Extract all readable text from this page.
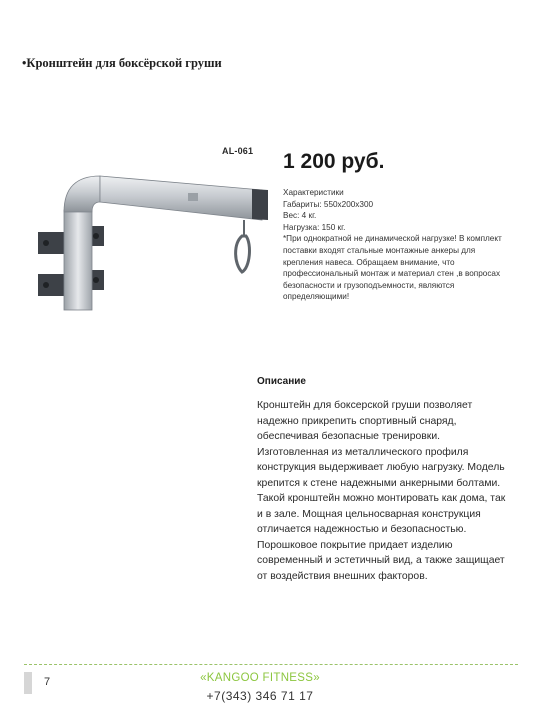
•Кронштейн для боксёрской груши
AL-061 1 200 руб.
Характеристики
Габариты: 550х200х300
Вес: 4 кг.
Нагрузка: 150 кг.
*При однократной не динамической нагрузке! В комплект поставки входят стальные монтажные анкеры для крепления навеса. Обращаем внимание, что профессиональный монтаж и материал стен ,в вопросах безопасности и грузоподъемности, являются определяющими!
Описание
Кронштейн для боксерской груши позволяет надежно прикрепить спортивный снаряд, обеспечивая безопасные тренировки. Изготовленная из металлического профиля конструкция выдерживает любую нагрузку. Модель крепится к стене надежными анкерными болтами. Такой кронштейн можно монтировать как дома, так и в зале. Мощная цельносварная конструкция отличается надежностью и безопасностью. Порошковое покрытие придает изделию современный и эстетичный вид, а также защищает от воздействия внешних факторов.
7	«KANGOO FITNESS»
+7(343) 346 71 17
